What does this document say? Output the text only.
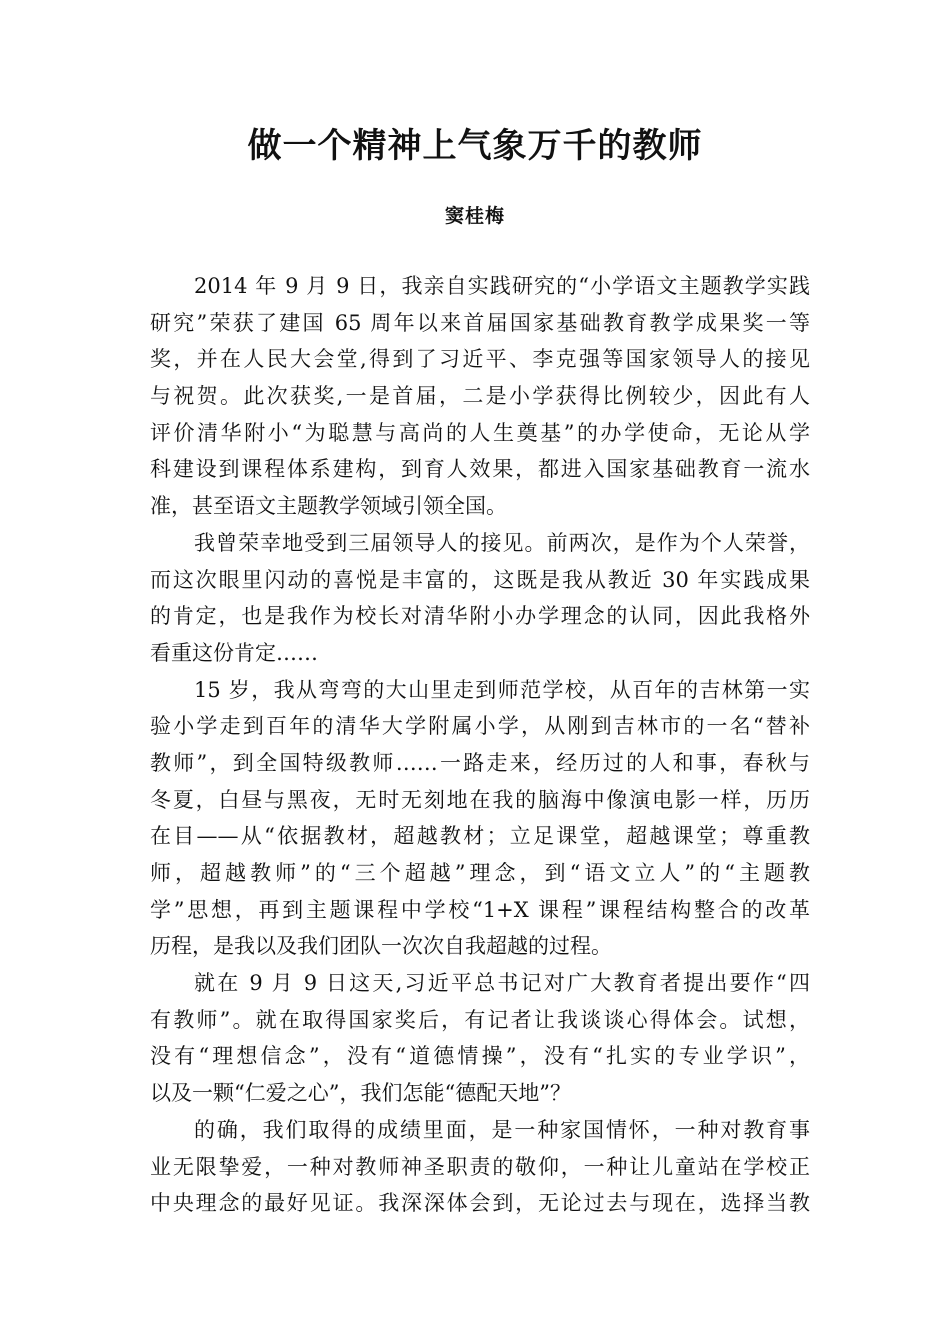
做一个精神上气象万千的教师
窦桂梅
2014 年 9 月 9 日，我亲自实践研究的“小学语文主题教学实践
研究”荣获了建国 65 周年以来首届国家基础教育教学成果奖一等
奖，并在人民大会堂,得到了习近平、李克强等国家领导人的接见
与祝贺。此次获奖,一是首届，二是小学获得比例较少，因此有人
评价清华附小“为聪慧与高尚的人生奠基”的办学使命，无论从学
科建设到课程体系建构，到育人效果，都进入国家基础教育一流水
准，甚至语文主题教学领域引领全国。
我曾荣幸地受到三届领导人的接见。前两次，是作为个人荣誉，
而这次眼里闪动的喜悦是丰富的，这既是我从教近 30 年实践成果
的肯定，也是我作为校长对清华附小办学理念的认同，因此我格外
看重这份肯定……
15 岁，我从弯弯的大山里走到师范学校，从百年的吉林第一实
验小学走到百年的清华大学附属小学，从刚到吉林市的一名“替补
教师”，到全国特级教师……一路走来，经历过的人和事，春秋与
冬夏，白昼与黑夜，无时无刻地在我的脑海中像演电影一样，历历
在目——从“依据教材，超越教材；立足课堂，超越课堂；尊重教
师，超越教师”的“三个超越”理念，到“语文立人”的“主题教
学”思想，再到主题课程中学校“1+X 课程”课程结构整合的改革
历程，是我以及我们团队一次次自我超越的过程。
就在 9 月 9 日这天,习近平总书记对广大教育者提出要作“四
有教师”。就在取得国家奖后，有记者让我谈谈心得体会。试想，
没有“理想信念”，没有“道德情操”，没有“扎实的专业学识”，
以及一颗“仁爱之心”，我们怎能“德配天地”？
的确，我们取得的成绩里面，是一种家国情怀，一种对教育事
业无限挚爱，一种对教师神圣职责的敬仰，一种让儿童站在学校正
中央理念的最好见证。我深深体会到，无论过去与现在，选择当教
